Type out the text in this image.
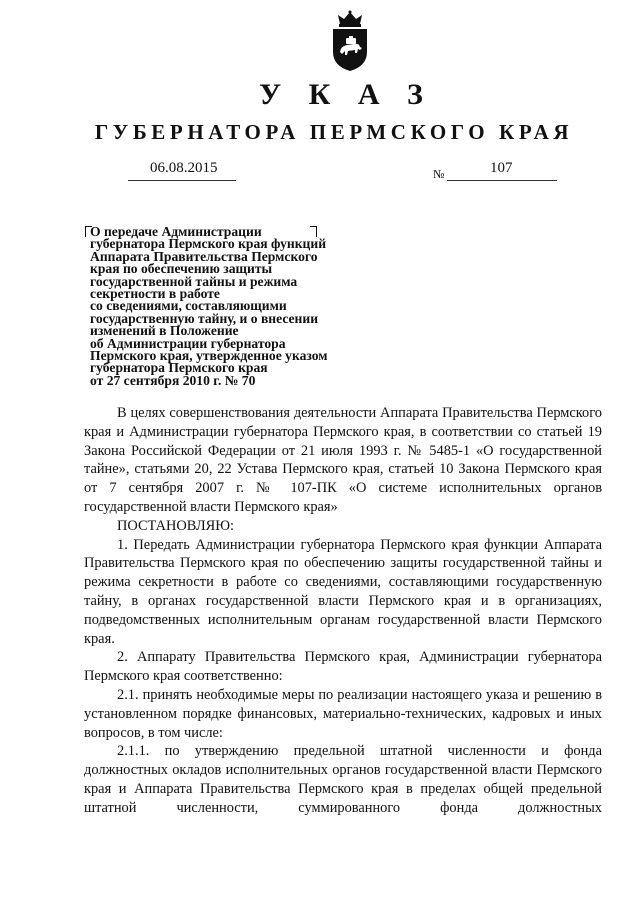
У К А З
ГУБЕРНАТОРА ПЕРМСКОГО КРАЯ
06.08.2015	№	107
О передаче Администрации
губернатора Пермского края функций
Аппарата Правительства Пермского
края по обеспечению защиты
государственной тайны и режима
секретности в работе
со сведениями, составляющими
государственную тайну, и о внесении
изменений в Положение
об Администрации губернатора
Пермского края, утвержденное указом
губернатора Пермского края
от 27 сентября 2010 г. № 70
В целях совершенствования деятельности Аппарата Правительства Пермского края и Администрации губернатора Пермского края, в соответствии со статьей 19 Закона Российской Федерации от 21 июля 1993 г. № 5485-1 «О государственной тайне», статьями 20, 22 Устава Пермского края, статьей 10 Закона Пермского края от 7 сентября 2007 г. № 107-ПК «О системе исполнительных органов государственной власти Пермского края»
ПОСТАНОВЛЯЮ:
1. Передать Администрации губернатора Пермского края функции Аппарата Правительства Пермского края по обеспечению защиты государственной тайны и режима секретности в работе со сведениями, составляющими государственную тайну, в органах государственной власти Пермского края и в организациях, подведомственных исполнительным органам государственной власти Пермского края.
2. Аппарату Правительства Пермского края, Администрации губернатора Пермского края соответственно:
2.1. принять необходимые меры по реализации настоящего указа и решению в установленном порядке финансовых, материально-технических, кадровых и иных вопросов, в том числе:
2.1.1. по утверждению предельной штатной численности и фонда должностных окладов исполнительных органов государственной власти Пермского края и Аппарата Правительства Пермского края в пределах общей предельной штатной численности, суммированного фонда должностных
